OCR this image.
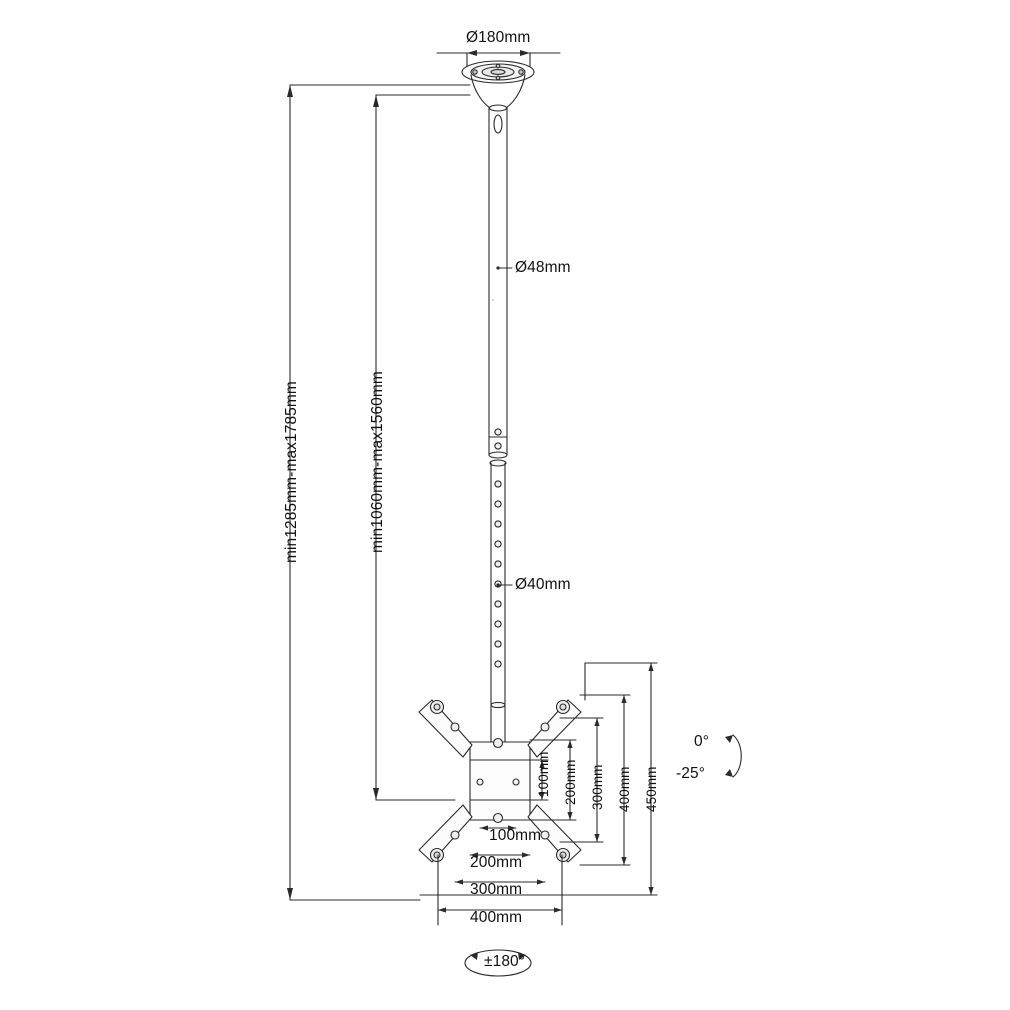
Ø180mm
Ø48mm
Ø40mm
min1285mm-max1785mm	min1060mm-max1560mm
100mm 200mm 300mm 400mm 450mm
100mm
200mm
300mm
400mm
0°
-25°
±180°
